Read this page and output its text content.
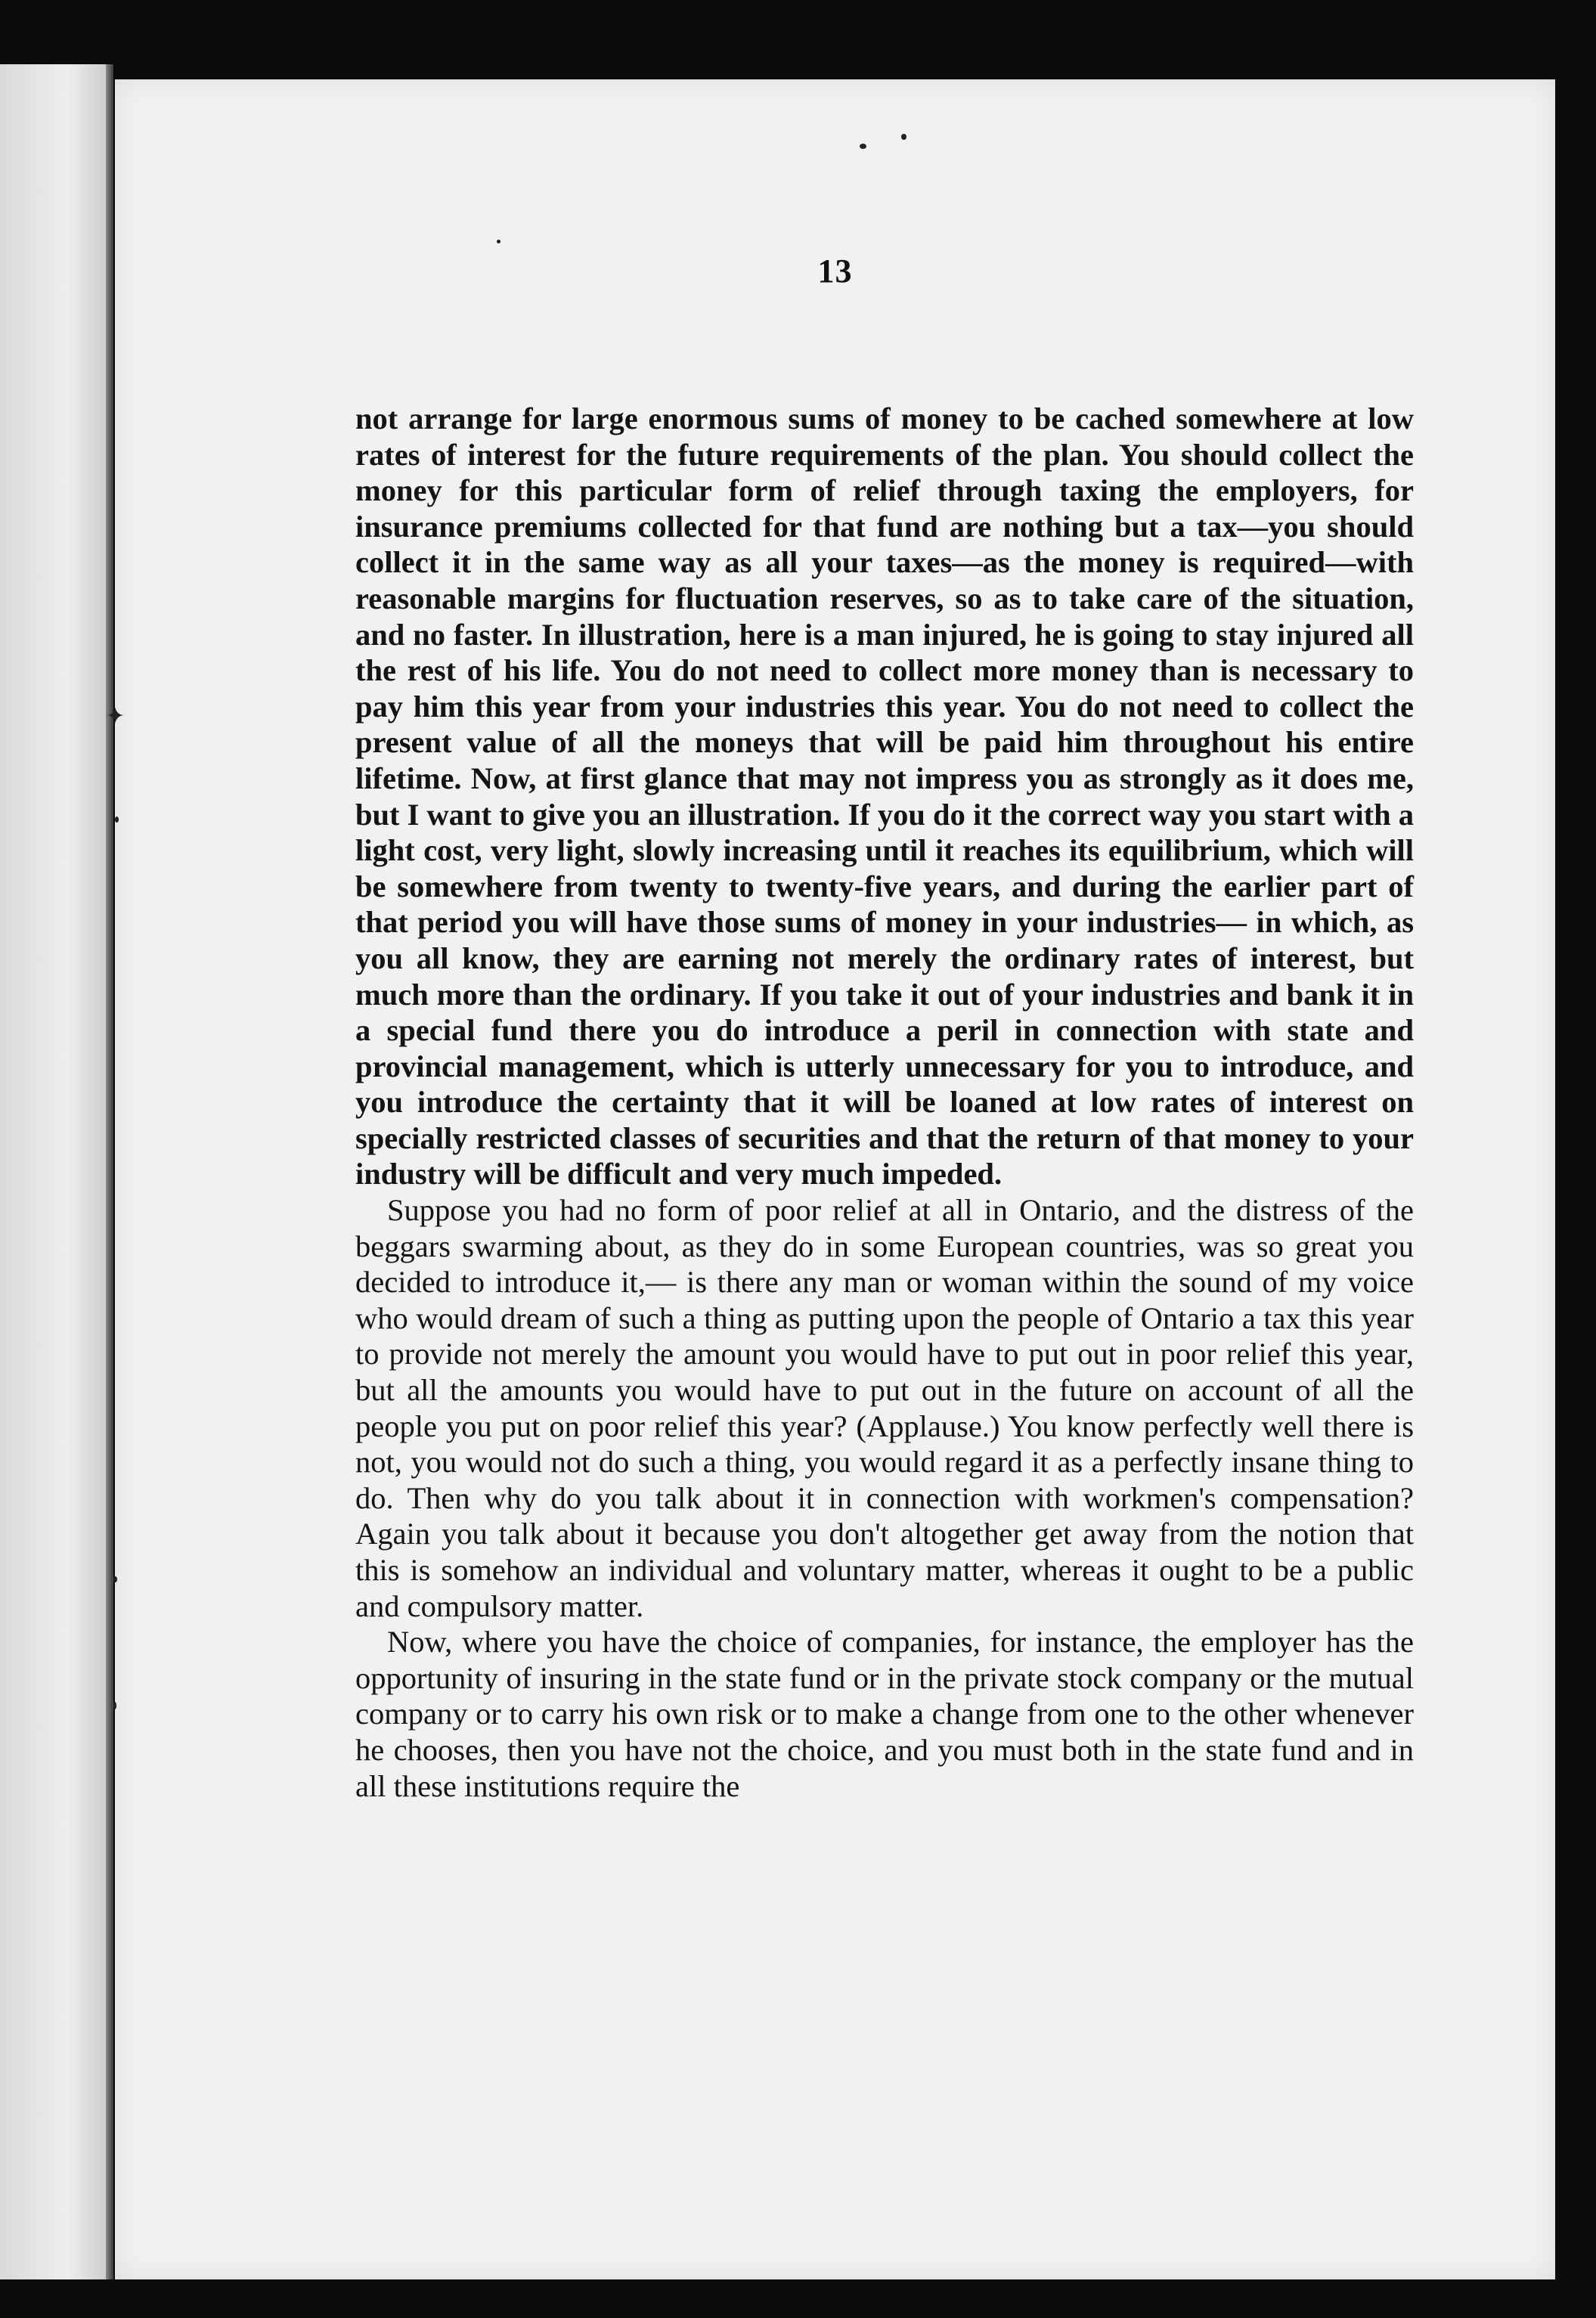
✦
13

not arrange for large enormous sums of money to be cached somewhere at low rates of interest for the future requirements of the plan. You should collect the money for this particular form of relief through taxing the employers, for insurance premiums collected for that fund are nothing but a tax—you should collect it in the same way as all your taxes—as the money is required—with reasonable margins for fluctuation reserves, so as to take care of the situation, and no faster. In illustration, here is a man injured, he is going to stay injured all the rest of his life. You do not need to collect more money than is necessary to pay him this year from your industries this year. You do not need to collect the present value of all the moneys that will be paid him throughout his entire lifetime. Now, at first glance that may not impress you as strongly as it does me, but I want to give you an illustration. If you do it the correct way you start with a light cost, very light, slowly increasing until it reaches its equilibrium, which will be somewhere from twenty to twenty-five years, and during the earlier part of that period you will have those sums of money in your industries— in which, as you all know, they are earning not merely the ordinary rates of interest, but much more than the ordinary. If you take it out of your industries and bank it in a special fund there you do introduce a peril in connection with state and provincial management, which is utterly unnecessary for you to introduce, and you introduce the certainty that it will be loaned at low rates of interest on specially restricted classes of securities and that the return of that money to your industry will be difficult and very much impeded.

Suppose you had no form of poor relief at all in Ontario, and the distress of the beggars swarming about, as they do in some European countries, was so great you decided to introduce it,— is there any man or woman within the sound of my voice who would dream of such a thing as putting upon the people of Ontario a tax this year to provide not merely the amount you would have to put out in poor relief this year, but all the amounts you would have to put out in the future on account of all the people you put on poor relief this year? (Applause.) You know perfectly well there is not, you would not do such a thing, you would regard it as a perfectly insane thing to do. Then why do you talk about it in connection with workmen's compensation? Again you talk about it because you don't altogether get away from the notion that this is somehow an individual and voluntary matter, whereas it ought to be a public and compulsory matter.

Now, where you have the choice of companies, for instance, the employer has the opportunity of insuring in the state fund or in the private stock company or the mutual company or to carry his own risk or to make a change from one to the other whenever he chooses, then you have not the choice, and you must both in the state fund and in all these institutions require the
